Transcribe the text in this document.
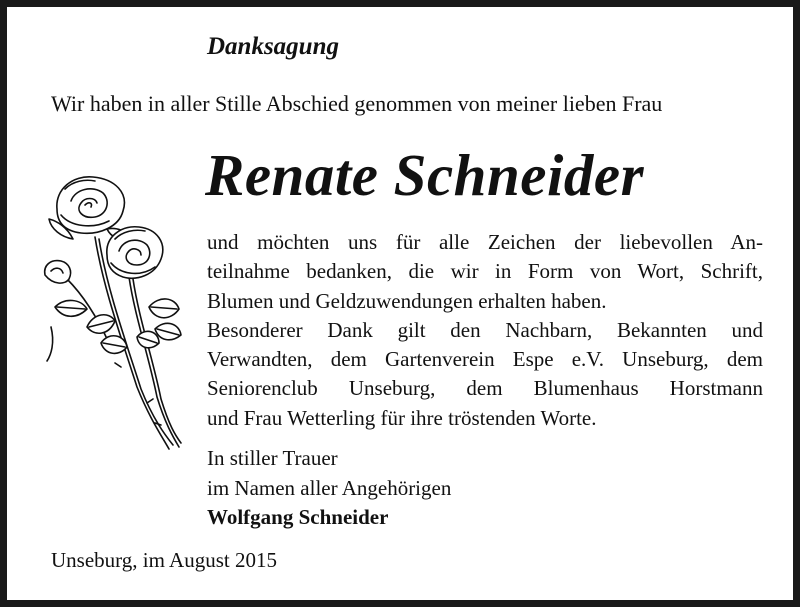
Danksagung
Wir haben in aller Stille Abschied genommen von meiner lieben Frau
Renate Schneider
und möchten uns für alle Zeichen der liebevollen An-
teilnahme bedanken, die wir in Form von Wort, Schrift,
Blumen und Geldzuwendungen erhalten haben.
Besonderer Dank gilt den Nachbarn, Bekannten und
Verwandten, dem Gartenverein Espe e.V. Unseburg, dem
Seniorenclub Unseburg, dem Blumenhaus Horstmann
und Frau Wetterling für ihre tröstenden Worte.
In stiller Trauer
im Namen aller Angehörigen
Wolfgang Schneider
Unseburg, im August 2015
